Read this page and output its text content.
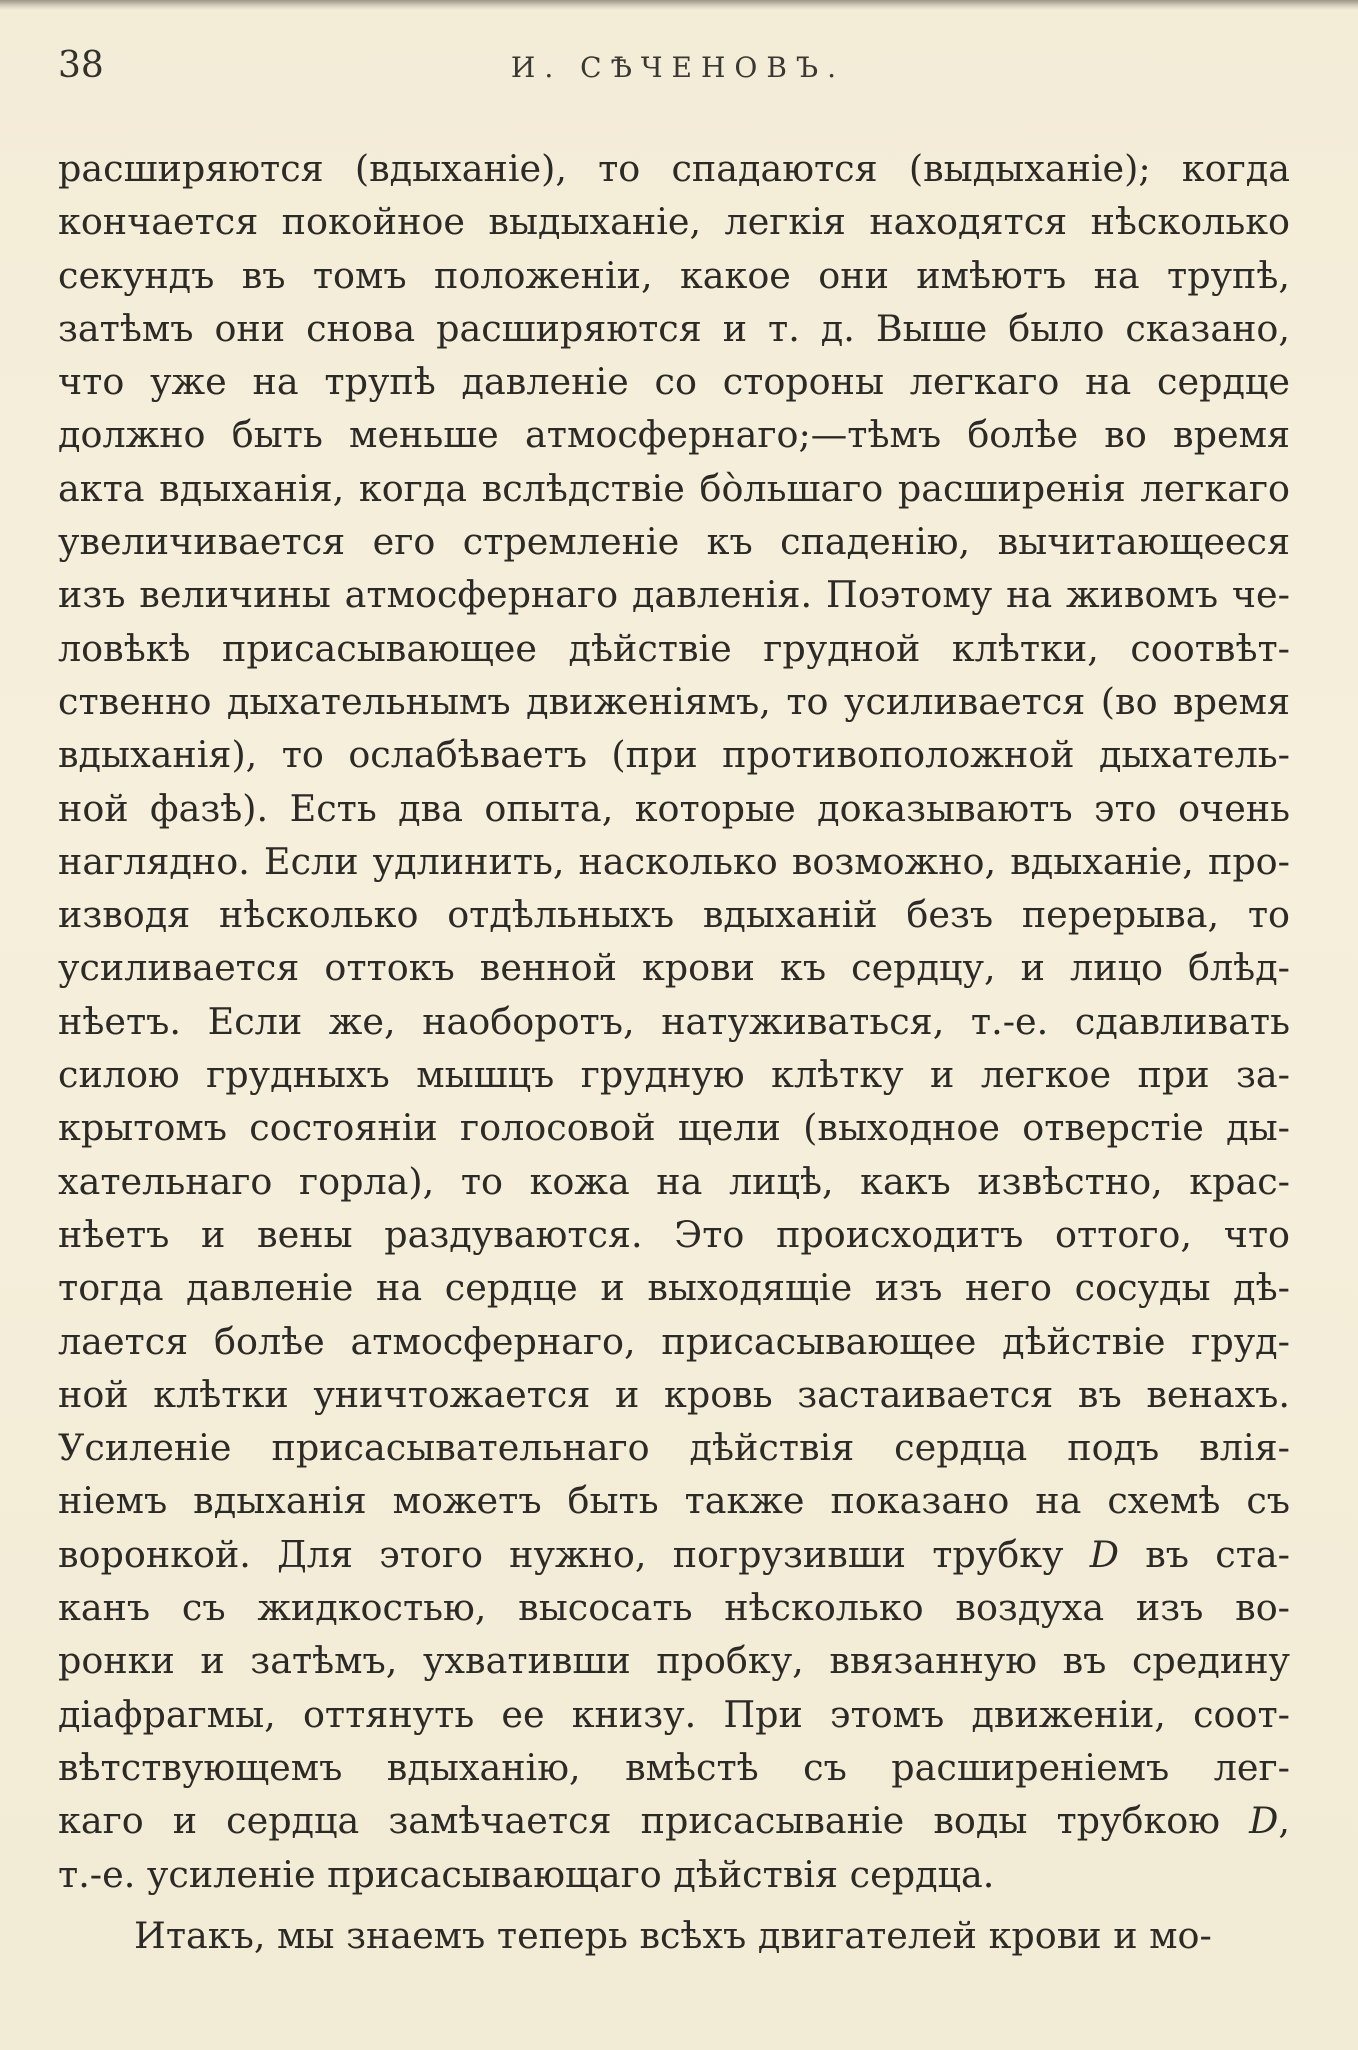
38	И. СѢЧЕНОВЪ.
расширяются (вдыханіе), то спадаются (выдыханіе); когда
кончается покойное выдыханіе, легкія находятся нѣсколько
секундъ въ томъ положеніи, какое они имѣютъ на трупѣ,
затѣмъ они снова расширяются и т. д. Выше было сказано,
что уже на трупѣ давленіе со стороны легкаго на сердце
должно быть меньше атмосфернаго;—тѣмъ болѣе во время
акта вдыханія, когда вслѣдствіе бо̀льшаго расширенія легкаго
увеличивается его стремленіе къ спаденію, вычитающееся
изъ величины атмосфернаго давленія. Поэтому на живомъ че-
ловѣкѣ присасывающее дѣйствіе грудной клѣтки, соотвѣт-
ственно дыхательнымъ движеніямъ, то усиливается (во время
вдыханія), то ослабѣваетъ (при противоположной дыхатель-
ной фазѣ). Есть два опыта, которые доказываютъ это очень
наглядно. Если удлинить, насколько возможно, вдыханіе, про-
изводя нѣсколько отдѣльныхъ вдыханій безъ перерыва, то
усиливается оттокъ венной крови къ сердцу, и лицо блѣд-
нѣетъ. Если же, наоборотъ, натуживаться, т.-е. сдавливать
силою грудныхъ мышцъ грудную клѣтку и легкое при за-
крытомъ состояніи голосовой щели (выходное отверстіе ды-
хательнаго горла), то кожа на лицѣ, какъ извѣстно, крас-
нѣетъ и вены раздуваются. Это происходитъ оттого, что
тогда давленіе на сердце и выходящіе изъ него сосуды дѣ-
лается болѣе атмосфернаго, присасывающее дѣйствіе груд-
ной клѣтки уничтожается и кровь застаивается въ венахъ.
Усиленіе присасывательнаго дѣйствія сердца подъ влія-
ніемъ вдыханія можетъ быть также показано на схемѣ съ
воронкой. Для этого нужно, погрузивши трубку D въ ста-
канъ съ жидкостью, высосать нѣсколько воздуха изъ во-
ронки и затѣмъ, ухвативши пробку, ввязанную въ средину
діафрагмы, оттянуть ее книзу. При этомъ движеніи, соот-
вѣтствующемъ вдыханію, вмѣстѣ съ расширеніемъ лег-
каго и сердца замѣчается присасываніе воды трубкою D,
т.-е. усиленіе присасывающаго дѣйствія сердца.
Итакъ, мы знаемъ теперь всѣхъ двигателей крови и мо-
